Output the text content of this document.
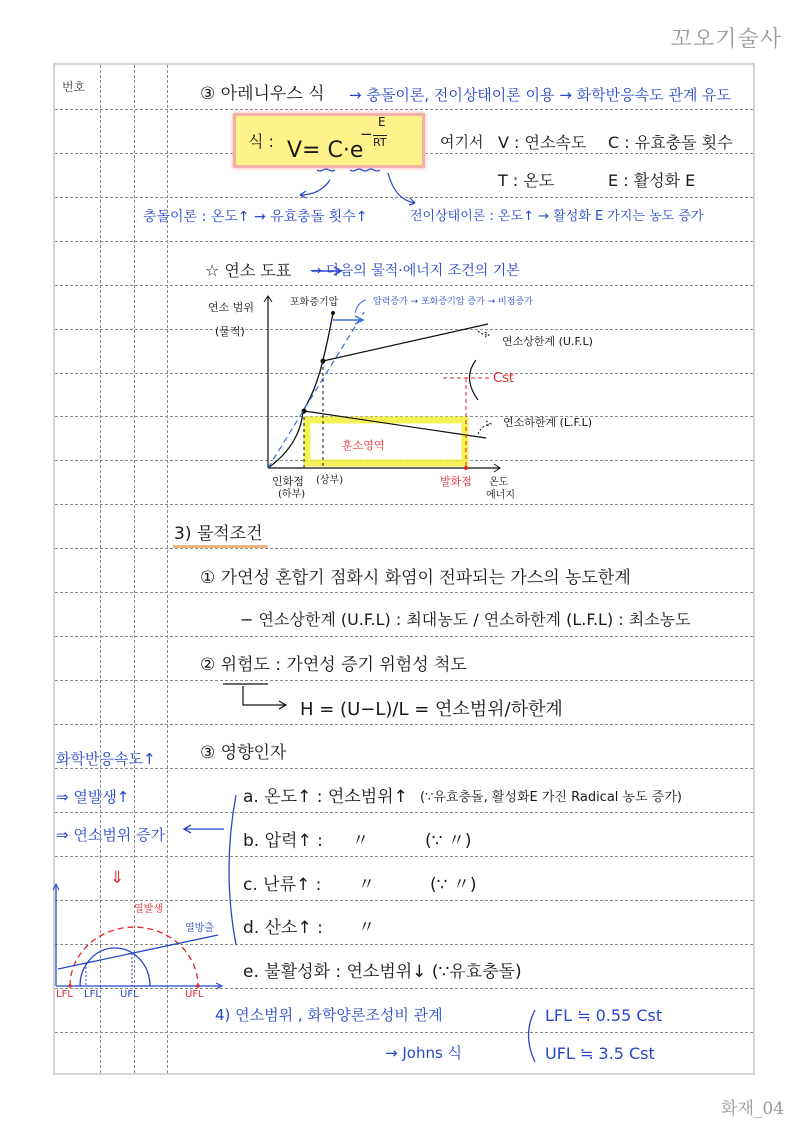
꼬오기술사
번호	③ 아레니우스 식 → 충돌이론, 전이상태이론 이용 → 화학반응속도 관계 유도
식 : V= C·e
−
E
RT	여기서 V : 연소속도 C : 유효충돌 횟수
T : 온도	E : 활성화 E
충돌이론 : 온도↑ → 유효충돌 횟수↑	전이상태이론 : 온도↑ → 활성화 E 가지는 농도 증가
☆ 연소 도표 → 다음의 물적·에너지 조건의 기본
연소 범위
(물적)
포화증기압	압력증가 → 포화증기압 증가 → 비점증가
연소상한계 (U.F.L)
Cst
연소하한계 (L.F.L)
훈소영역
인화점
(하부)
(상부)	발화점 온도
에너지
3) 물적조건
① 가연성 혼합기 점화시 화염이 전파되는 가스의 농도한계
− 연소상한계 (U.F.L) : 최대농도 / 연소하한계 (L.F.L) : 최소농도
② 위험도 : 가연성 증기 위험성 척도
H = (U−L)/L = 연소범위/하한계
③ 영향인자
a. 온도↑ : 연소범위↑ (∵유효충돌, 활성화E 가진 Radical 농도 증가)
b. 압력↑ : 〃	(∵ 〃)
c. 난류↑ : 〃	(∵ 〃)
d. 산소↑ : 〃
e. 불활성화 : 연소범위↓ (∵유효충돌)
화학반응속도↑
⇒ 열발생↑
⇒ 연소범위 증가
⇓
열발생
열방출
LFL LFL UFL	UFL
4) 연소범위 , 화학양론조성비 관계
→ Johns 식
LFL ≒ 0.55 Cst
UFL ≒ 3.5 Cst
화재_04
